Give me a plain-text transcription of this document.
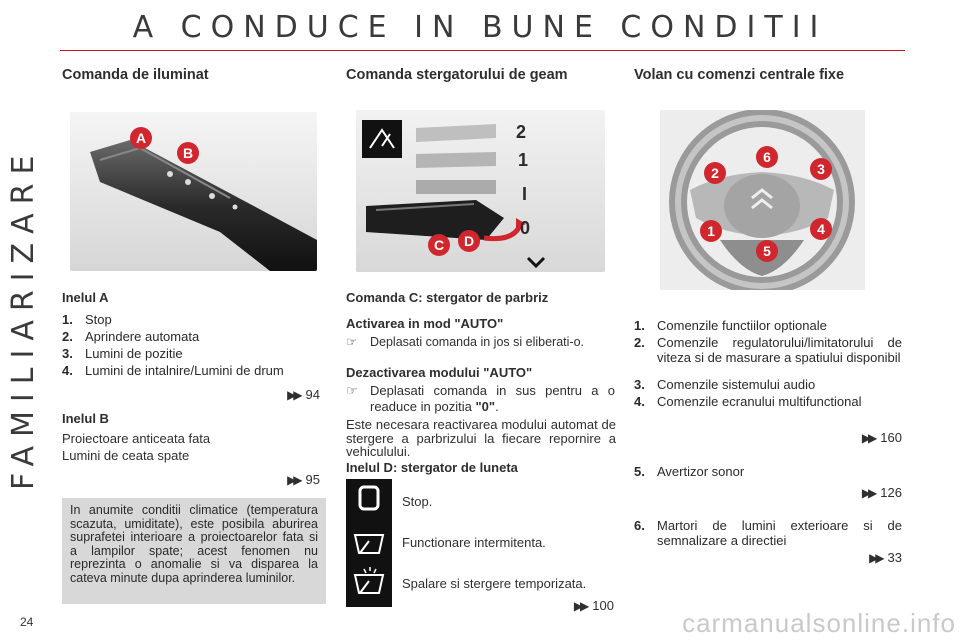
A CONDUCE IN BUNE CONDITII
FAMILIARIZARE
Comanda de iluminat
A
B
Inelul A
1. Stop
2. Aprindere automata
3. Lumini de pozitie
4. Lumini de intalnire/Lumini de drum
▶▶ 94
Inelul B
Proiectoare anticeata fata
Lumini de ceata spate
▶▶ 95
In anumite conditii climatice (temperatura scazuta, umiditate), este posibila aburirea suprafetei interioare a proiectoarelor fata si a lampilor spate; acest fenomen nu reprezinta o anomalie si va disparea la cateva minute dupa aprinderea luminilor.
Comanda stergatorului de geam
2
1
I
0
C	D
Comanda C: stergator de parbriz
Activarea in mod "AUTO"
☞ Deplasati comanda in jos si eliberati-o.
Dezactivarea modului "AUTO"
☞ Deplasati comanda in sus pentru a o readuce in pozitia "0".
Este necesara reactivarea modului automat de stergere a parbrizului la fiecare repornire a vehiculului.
Inelul D: stergator de luneta
Stop.
Functionare intermitenta.
Spalare si stergere temporizata.
▶▶ 100
Volan cu comenzi centrale fixe
2
6
3
1	4
5
1. Comenzile functiilor optionale
2. Comenzile regulatorului/limitatorului de viteza si de masurare a spatiului disponibil
3. Comenzile sistemului audio
4. Comenzile ecranului multifunctional
▶▶ 160
5. Avertizor sonor
▶▶ 126
6. Martori de lumini exterioare si de semnalizare a directiei
▶▶ 33
24	carmanualsonline.info
